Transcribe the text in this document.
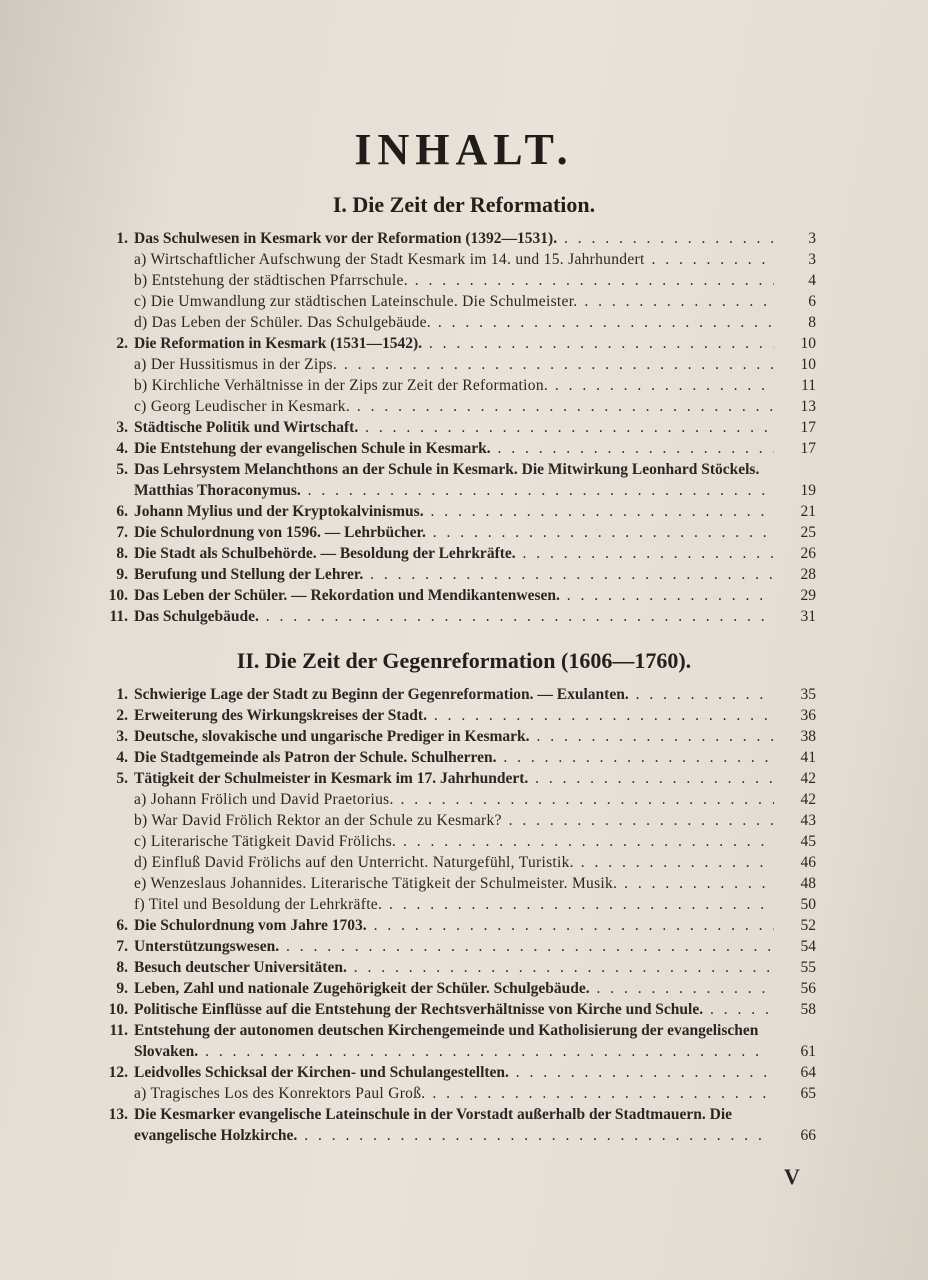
INHALT.
I. Die Zeit der Reformation.
1. Das Schulwesen in Kesmark vor der Reformation (1392—1531). . . .	3
a) Wirtschaftlicher Aufschwung der Stadt Kesmark im 14. und 15. Jahrhundert . . .	3
b) Entstehung der städtischen Pfarrschule. . . .	4
c) Die Umwandlung zur städtischen Lateinschule. Die Schulmeister. . . .	6
d) Das Leben der Schüler. Das Schulgebäude. . . .	8
2. Die Reformation in Kesmark (1531—1542). . . .	10
a) Der Hussitismus in der Zips. . . .	10
b) Kirchliche Verhältnisse in der Zips zur Zeit der Reformation. . . .	11
c) Georg Leudischer in Kesmark. . . .	13
3. Städtische Politik und Wirtschaft. . . .	17
4. Die Entstehung der evangelischen Schule in Kesmark. . . .	17
5. Das Lehrsystem Melanchthons an der Schule in Kesmark. Die Mitwirkung Leonhard Stöckels. Matthias Thoraconymus. . . .	19
6. Johann Mylius und der Kryptokalvinismus. . . .	21
7. Die Schulordnung von 1596. — Lehrbücher. . . .	25
8. Die Stadt als Schulbehörde. — Besoldung der Lehrkräfte. . . .	26
9. Berufung und Stellung der Lehrer. . . .	28
10. Das Leben der Schüler. — Rekordation und Mendikantenwesen. . . .	29
11. Das Schulgebäude. . . .	31
II. Die Zeit der Gegenreformation (1606—1760).
1. Schwierige Lage der Stadt zu Beginn der Gegenreformation. — Exulanten. . . .	35
2. Erweiterung des Wirkungskreises der Stadt. . . .	36
3. Deutsche, slovakische und ungarische Prediger in Kesmark. . . .	38
4. Die Stadtgemeinde als Patron der Schule. Schulherren. . . .	41
5. Tätigkeit der Schulmeister in Kesmark im 17. Jahrhundert. . . .	42
a) Johann Frölich und David Praetorius. . . .	42
b) War David Frölich Rektor an der Schule zu Kesmark? . . .	43
c) Literarische Tätigkeit David Frölichs. . . .	45
d) Einfluß David Frölichs auf den Unterricht. Naturgefühl, Turistik. . . .	46
e) Wenzeslaus Johannides. Literarische Tätigkeit der Schulmeister. Musik. . . .	48
f) Titel und Besoldung der Lehrkräfte. . . .	50
6. Die Schulordnung vom Jahre 1703. . . .	52
7. Unterstützungswesen. . . .	54
8. Besuch deutscher Universitäten. . . .	55
9. Leben, Zahl und nationale Zugehörigkeit der Schüler. Schulgebäude. . . .	56
10. Politische Einflüsse auf die Entstehung der Rechtsverhältnisse von Kirche und Schule. . . .	58
11. Entstehung der autonomen deutschen Kirchengemeinde und Katholisierung der evangelischen Slovaken. . . .	61
12. Leidvolles Schicksal der Kirchen- und Schulangestellten. . . .	64
a) Tragisches Los des Konrektors Paul Groß. . . .	65
13. Die Kesmarker evangelische Lateinschule in der Vorstadt außerhalb der Stadtmauern. Die evangelische Holzkirche. . . .	66
V
